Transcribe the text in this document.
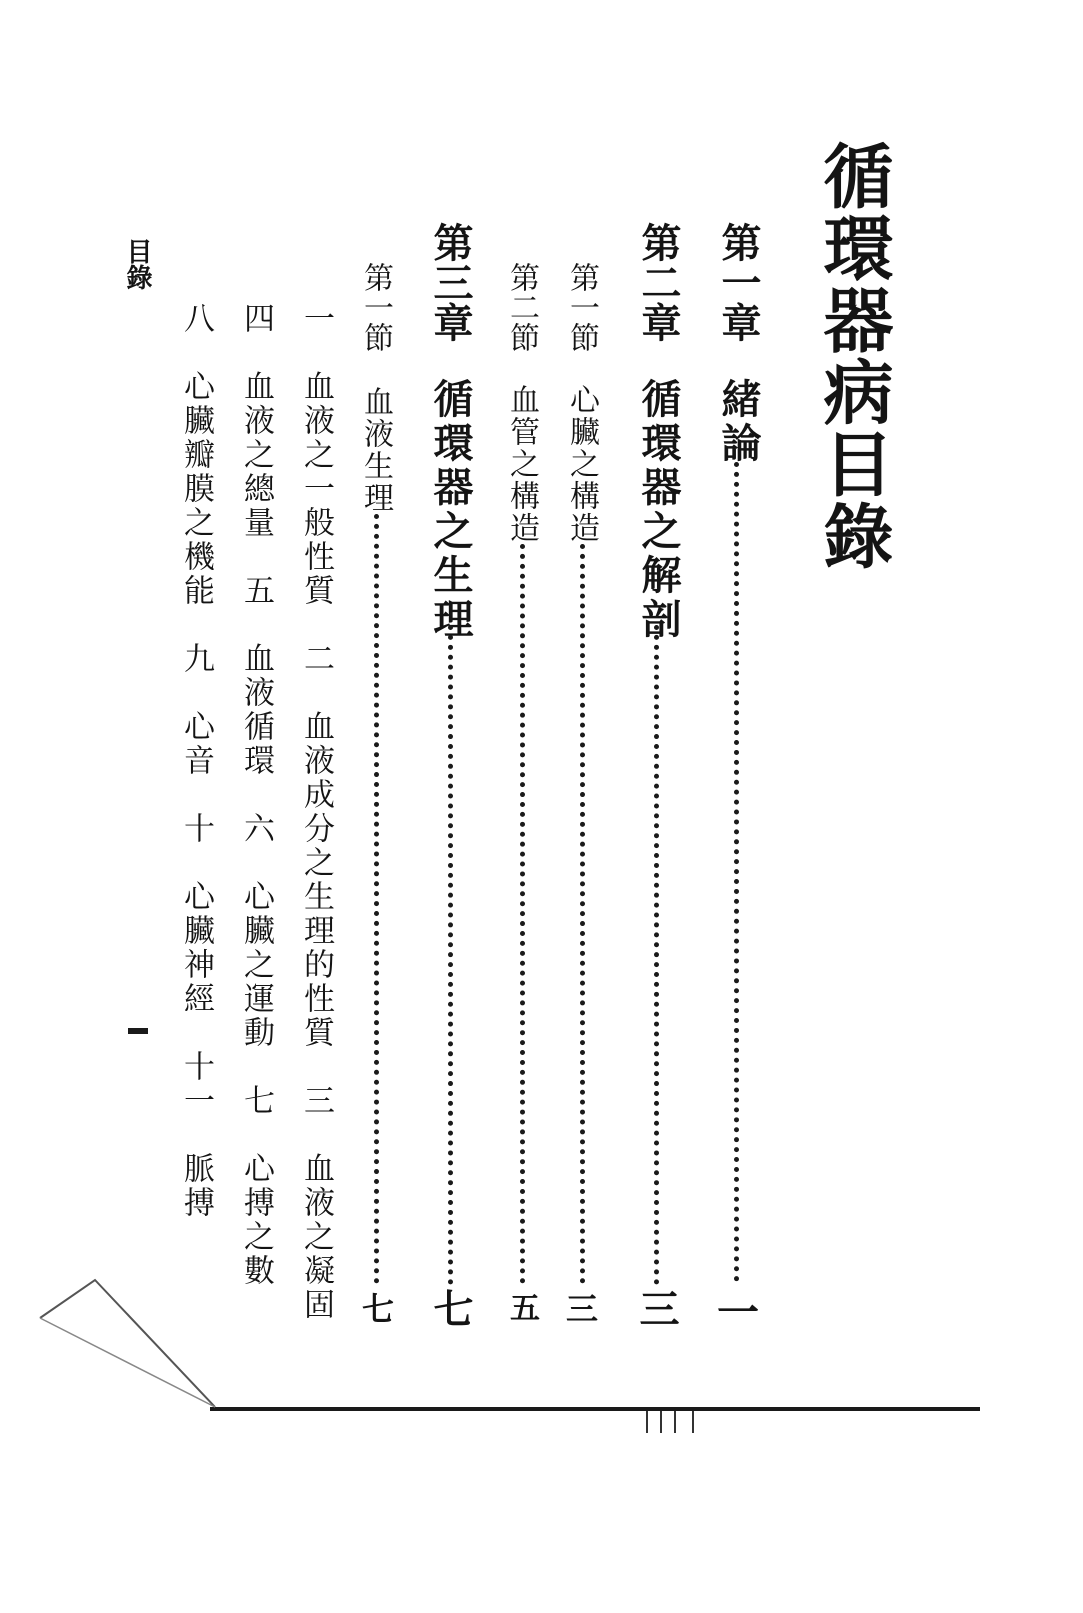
循環器病目錄
第一章
緒論
一
第二章
循環器之解剖
三
第一節
心臟之構造
三
第二節
血管之構造
五
第三章
循環器之生理
七
第一節
血液生理
七
一　血液之一般性質　二　血液成分之生理的性質　三　血液之凝固
四　血液之總量　五　血液循環　六　心臟之運動　七　心搏之數
八　心臟瓣膜之機能　九　心音　十　心臟神經　十一　脈搏
目錄
